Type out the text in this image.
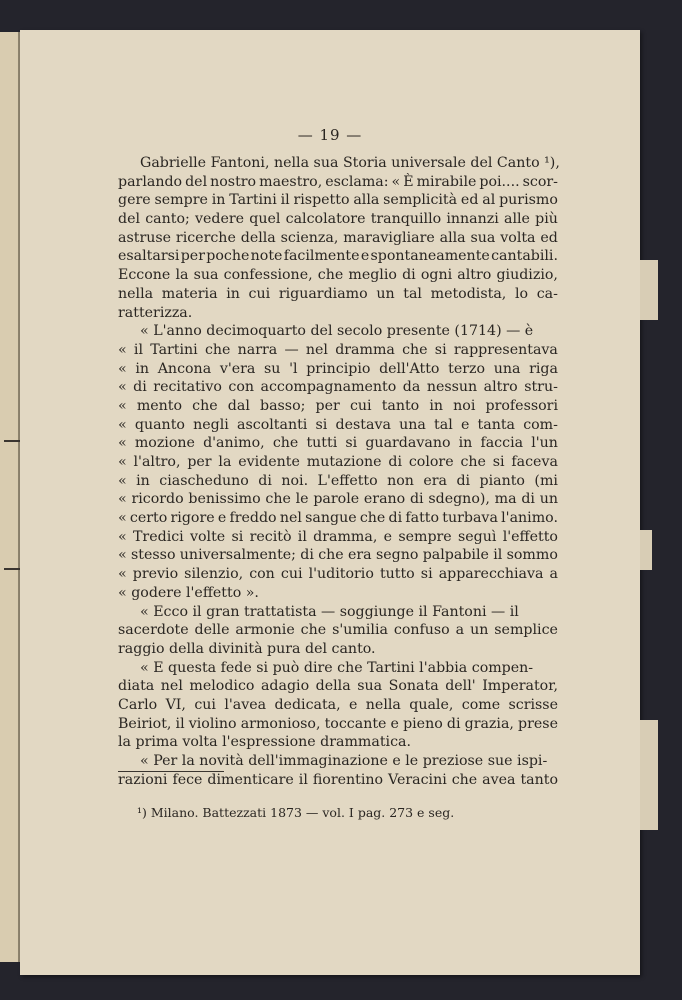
— 19 —
Gabrielle Fantoni, nella sua Storia universale del Canto ¹),
parlando del nostro maestro, esclama: « È mirabile poi.... scor-
gere sempre in Tartini il rispetto alla semplicità ed al purismo
del canto; vedere quel calcolatore tranquillo innanzi alle più
astruse ricerche della scienza, maravigliare alla sua volta ed
esaltarsi per poche note facilmente e spontaneamente cantabili.
Eccone la sua confessione, che meglio di ogni altro giudizio,
nella materia in cui riguardiamo un tal metodista, lo ca-
ratterizza.
« L'anno decimoquarto del secolo presente (1714) — è
« il Tartini che narra — nel dramma che si rappresentava
« in Ancona v'era su 'l principio dell'Atto terzo una riga
« di recitativo con accompagnamento da nessun altro stru-
« mento che dal basso; per cui tanto in noi professori
« quanto negli ascoltanti si destava una tal e tanta com-
« mozione d'animo, che tutti si guardavano in faccia l'un
« l'altro, per la evidente mutazione di colore che si faceva
« in ciascheduno di noi. L'effetto non era di pianto (mi
« ricordo benissimo che le parole erano di sdegno), ma di un
« certo rigore e freddo nel sangue che di fatto turbava l'animo.
« Tredici volte si recitò il dramma, e sempre seguì l'effetto
« stesso universalmente; di che era segno palpabile il sommo
« previo silenzio, con cui l'uditorio tutto si apparecchiava a
« godere l'effetto ».
« Ecco il gran trattatista — soggiunge il Fantoni — il
sacerdote delle armonie che s'umilia confuso a un semplice
raggio della divinità pura del canto.
« E questa fede si può dire che Tartini l'abbia compen-
diata nel melodico adagio della sua Sonata dell' Imperator,
Carlo VI, cui l'avea dedicata, e nella quale, come scrisse
Beiriot, il violino armonioso, toccante e pieno di grazia, prese
la prima volta l'espressione drammatica.
« Per la novità dell'immaginazione e le preziose sue ispi-
razioni fece dimenticare il fiorentino Veracini che avea tanto
¹) Milano. Battezzati 1873 — vol. I pag. 273 e seg.
